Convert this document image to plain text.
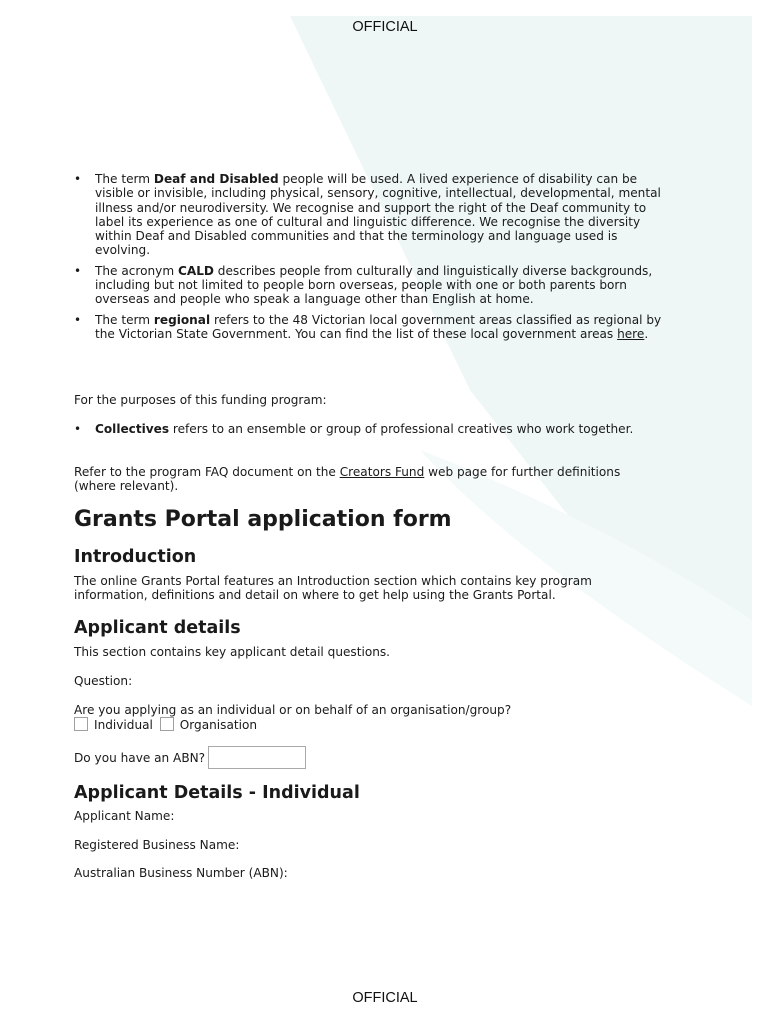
OFFICIAL
• The term Deaf and Disabled people will be used. A lived experience of disability can be visible or invisible, including physical, sensory, cognitive, intellectual, developmental, mental illness and/or neurodiversity. We recognise and support the right of the Deaf community to label its experience as one of cultural and linguistic difference. We recognise the diversity within Deaf and Disabled communities and that the terminology and language used is evolving.
• The acronym CALD describes people from culturally and linguistically diverse backgrounds, including but not limited to people born overseas, people with one or both parents born overseas and people who speak a language other than English at home.
• The term regional refers to the 48 Victorian local government areas classified as regional by the Victorian State Government. You can find the list of these local government areas here.

For the purposes of this funding program:

• Collectives refers to an ensemble or group of professional creatives who work together.

Refer to the program FAQ document on the Creators Fund web page for further definitions (where relevant).

Grants Portal application form
Introduction

The online Grants Portal features an Introduction section which contains key program information, definitions and detail on where to get help using the Grants Portal.

Applicant details

This section contains key applicant detail questions.

Question:

Are you applying as an individual or on behalf of an organisation/group?

Individual Organisation
Do you have an ABN?
Applicant Details - Individual

Applicant Name:

Registered Business Name:

Australian Business Number (ABN):

OFFICIAL
